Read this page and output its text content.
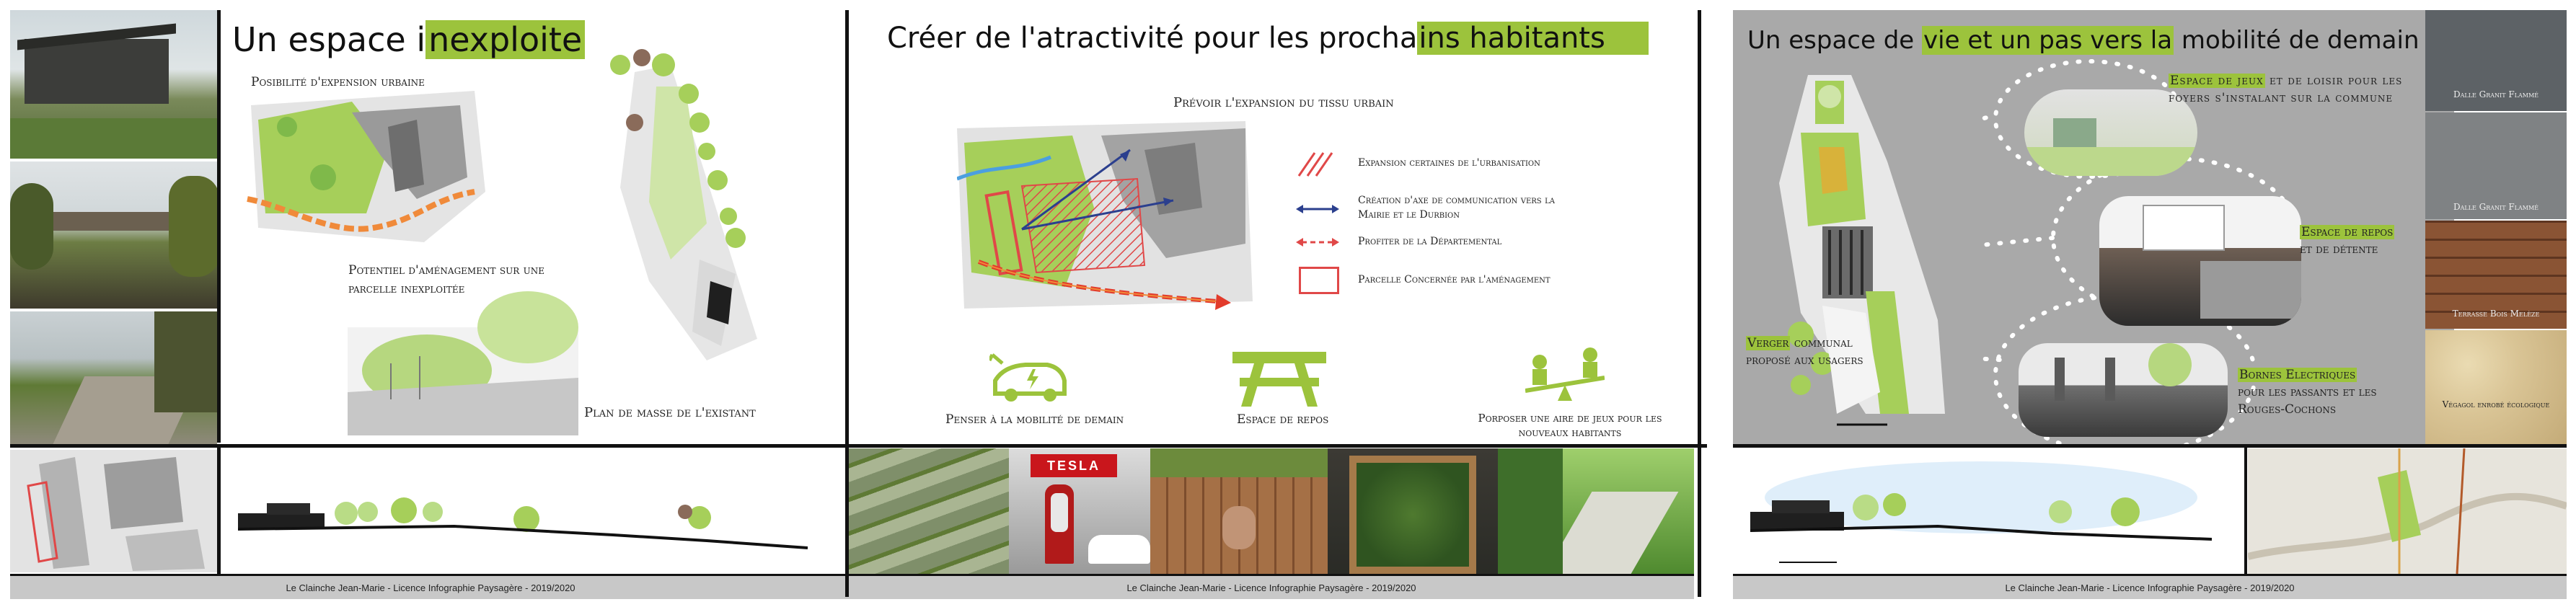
Un espace inexploite
Posibilité d'expension urbaine
Potentiel d'aménagement sur une
parcelle inexploitée
Plan de masse de l'existant
Le Clainche Jean-Marie - Licence Infographie Paysagère - 2019/2020
Créer de l'atractivité pour les prochains habitants
Prévoir l'expansion du tissu urbain
Expansion certaines de l'urbanisation
Création d'axe de communication vers la Mairie et le Durbion
Profiter de la Départemental
Parcelle Concernée par l'aménagement
Penser à la mobilité de demain	Espace de repos	Porposer une aire de jeux pour les nouveaux habitants
TESLA
Le Clainche Jean-Marie - Licence Infographie Paysagère - 2019/2020
Un espace de vie et un pas vers la mobilité de demain
Espace de jeux et de loisir pour les foyers s'instalant sur la commune
Espace de repos
et de détente
Bornes Electriques
pour les passants et les Rouges-Cochons
Verger communal proposé aux usagers
Dalle Granit Flammé
Dalle Granit Flammé
Terrasse Bois Melèze
Végagol enrobé écologique
Le Clainche Jean-Marie - Licence Infographie Paysagère - 2019/2020
